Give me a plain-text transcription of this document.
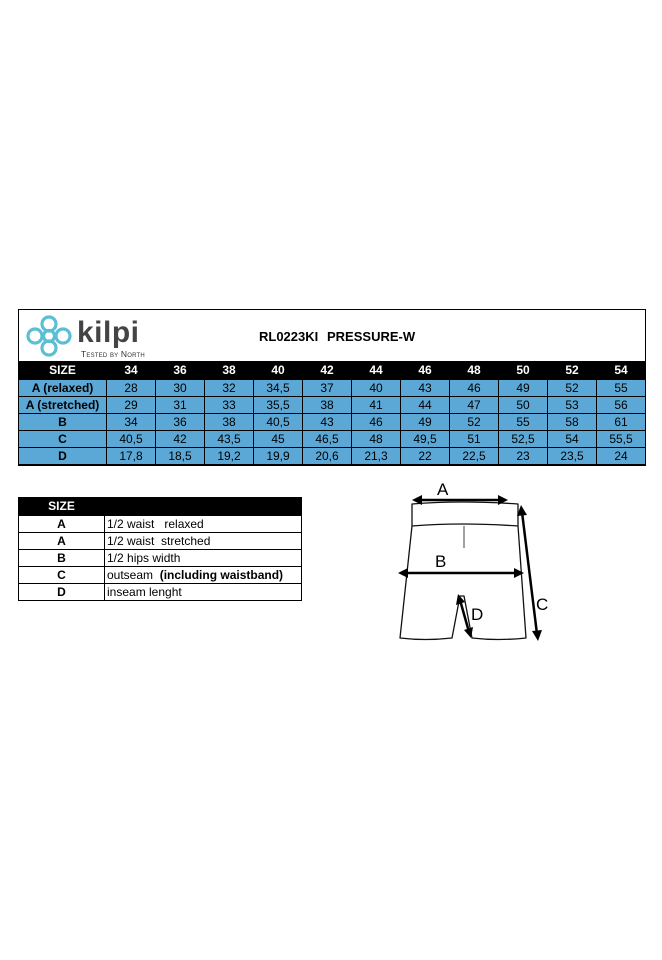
kilpi
Tested by North
RL0223KI PRESSURE-W
SIZE	34	36	38	40	42	44	46	48	50	52	54
A (relaxed)	28	30	32	34,5	37	40	43	46	49	52	55
A (stretched)	29	31	33	35,5	38	41	44	47	50	53	56
B	34	36	38	40,5	43	46	49	52	55	58	61
C	40,5	42	43,5	45	46,5	48	49,5	51	52,5	54	55,5
D	17,8	18,5	19,2	19,9	20,6	21,3	22	22,5	23	23,5	24
SIZE	
A	1/2 waist   relaxed
A	1/2 waist  stretched
B	1/2 hips width
C	outseam  (including waistband)
D	inseam lenght
A
B
C
D
